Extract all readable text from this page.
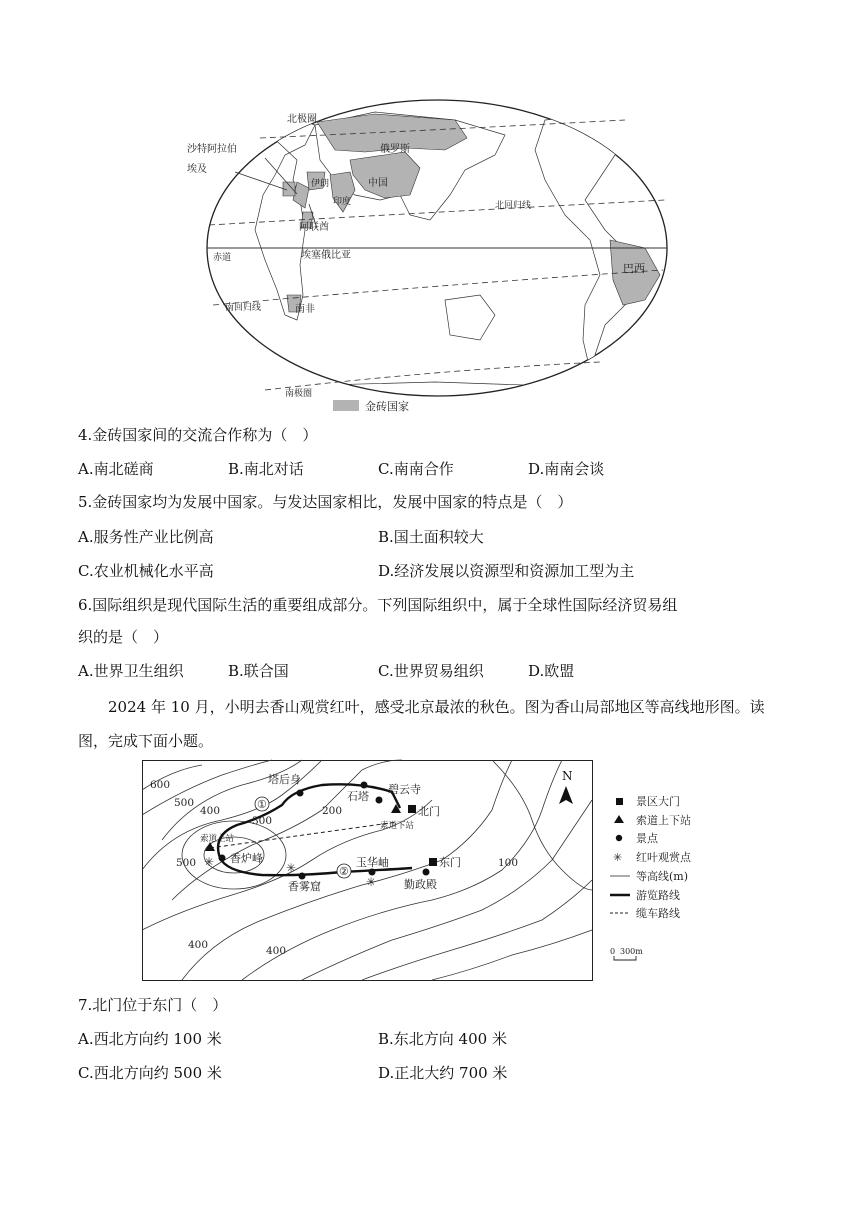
北极圈
沙特阿拉伯
埃及
俄罗斯
伊朗	中国
印度
阿联酋
北回归线
赤道	埃塞俄比亚
巴西
南回归线	南非
南极圈
金砖国家
4.金砖国家间的交流合作称为（　）
A.南北磋商	B.南北对话	C.南南合作	D.南南会谈
5.金砖国家均为发展中国家。与发达国家相比，发展中国家的特点是（　）
A.服务性产业比例高	B.国土面积较大
C.农业机械化水平高	D.经济发展以资源型和资源加工型为主
6.国际组织是现代国际生活的重要组成部分。下列国际组织中，属于全球性国际经济贸易组
织的是（　）
A.世界卫生组织	B.联合国	C.世界贸易组织	D.欧盟
2024 年 10 月，小明去香山观赏红叶，感受北京最浓的秋色。图为香山局部地区等高线地形图。读图，完成下面小题。
①
②
✳	✳
✳
600
500
400
300
200
500
400	400
100
塔后身
石塔
碧云寺
北门
索道下站
索道上站
香炉峰
香雾窟
玉华岫	东门
勤政殿
N
景区大门
索道上下站
景点
✳ 红叶观赏点
等高线(m)
游览路线
缆车路线
0 300m
7.北门位于东门（　）
A.西北方向约 100 米	B.东北方向 400 米
C.西北方向约 500 米	D.正北大约 700 米
